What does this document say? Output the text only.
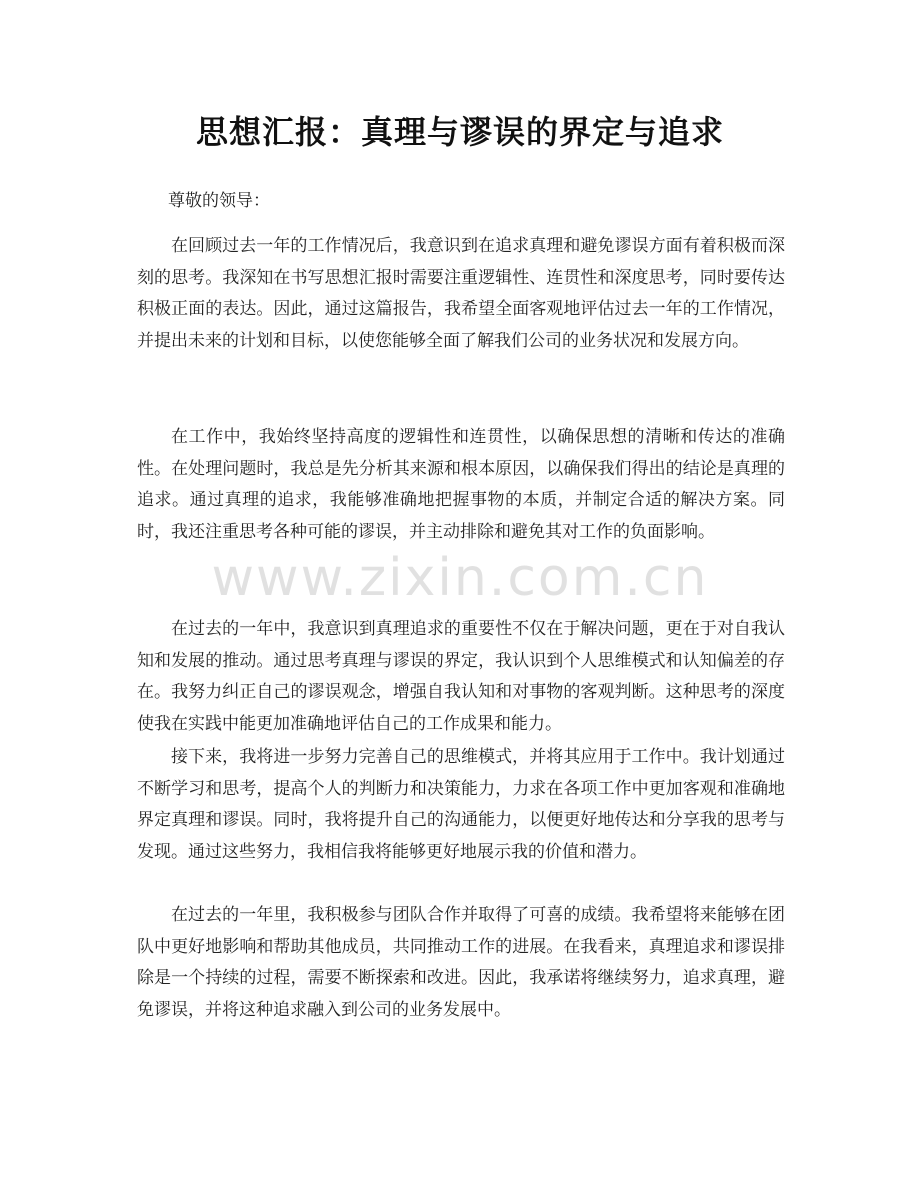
思想汇报：真理与谬误的界定与追求

尊敬的领导：

在回顾过去一年的工作情况后，我意识到在追求真理和避免谬误方面有着积极而深刻的思考。我深知在书写思想汇报时需要注重逻辑性、连贯性和深度思考，同时要传达积极正面的表达。因此，通过这篇报告，我希望全面客观地评估过去一年的工作情况，并提出未来的计划和目标，以使您能够全面了解我们公司的业务状况和发展方向。

在工作中，我始终坚持高度的逻辑性和连贯性，以确保思想的清晰和传达的准确性。在处理问题时，我总是先分析其来源和根本原因，以确保我们得出的结论是真理的追求。通过真理的追求，我能够准确地把握事物的本质，并制定合适的解决方案。同时，我还注重思考各种可能的谬误，并主动排除和避免其对工作的负面影响。

在过去的一年中，我意识到真理追求的重要性不仅在于解决问题，更在于对自我认知和发展的推动。通过思考真理与谬误的界定，我认识到个人思维模式和认知偏差的存在。我努力纠正自己的谬误观念，增强自我认知和对事物的客观判断。这种思考的深度使我在实践中能更加准确地评估自己的工作成果和能力。

接下来，我将进一步努力完善自己的思维模式，并将其应用于工作中。我计划通过不断学习和思考，提高个人的判断力和决策能力，力求在各项工作中更加客观和准确地界定真理和谬误。同时，我将提升自己的沟通能力，以便更好地传达和分享我的思考与发现。通过这些努力，我相信我将能够更好地展示我的价值和潜力。

在过去的一年里，我积极参与团队合作并取得了可喜的成绩。我希望将来能够在团队中更好地影响和帮助其他成员，共同推动工作的进展。在我看来，真理追求和谬误排除是一个持续的过程，需要不断探索和改进。因此，我承诺将继续努力，追求真理，避免谬误，并将这种追求融入到公司的业务发展中。

www.zixin.com.cn
